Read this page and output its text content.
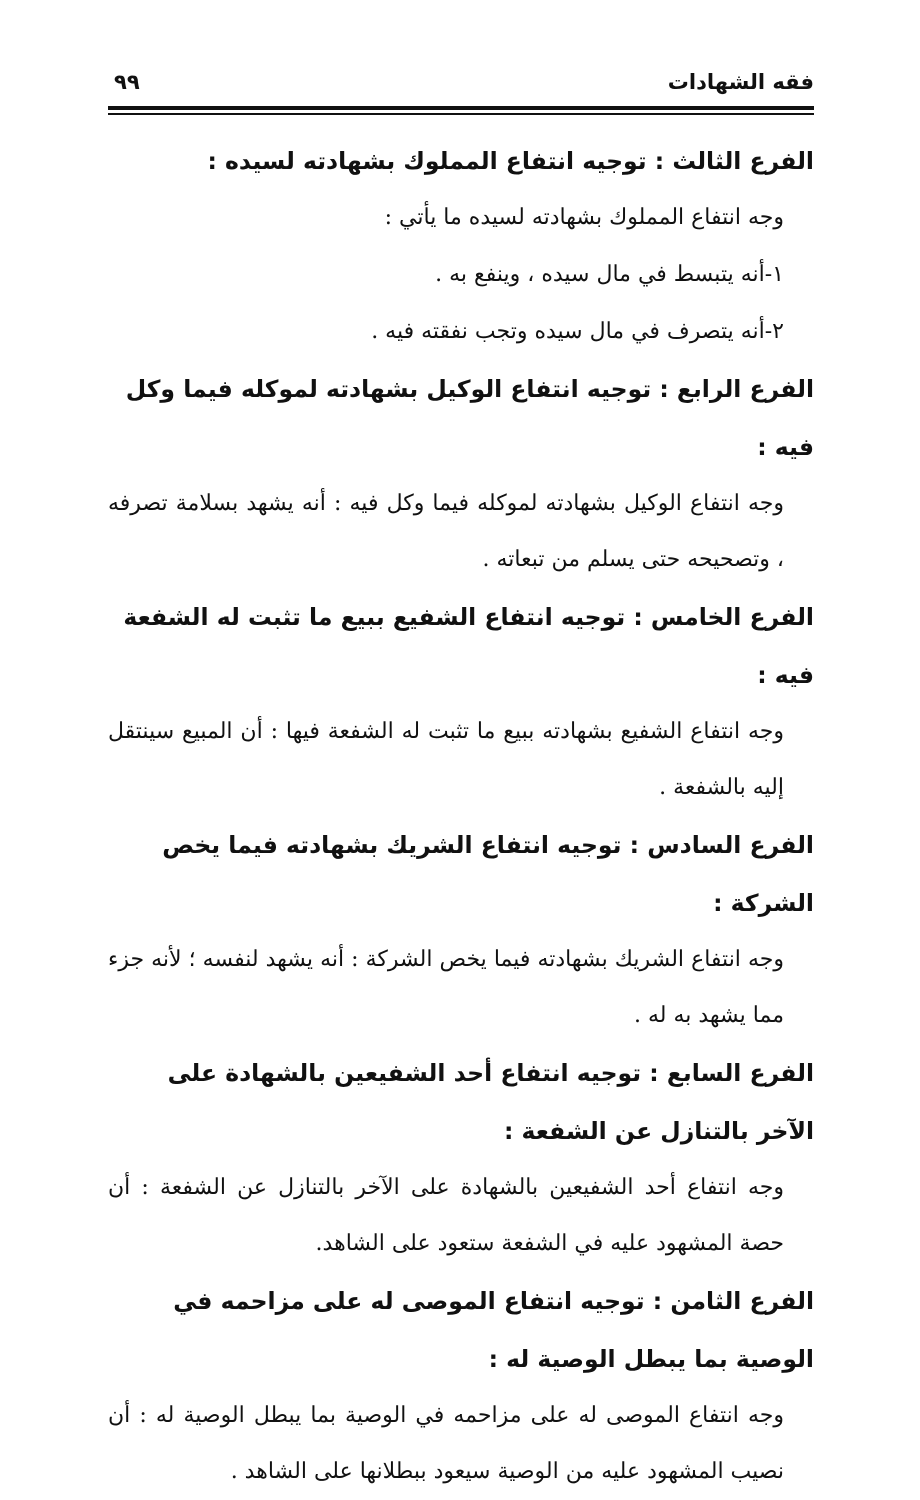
فقه الشهادات
٩٩

الفرع الثالث : توجيه انتفاع المملوك بشهادته لسيده :

وجه انتفاع المملوك بشهادته لسيده ما يأتي :

١-أنه يتبسط في مال سيده ، وينفع به .

٢-أنه يتصرف في مال سيده وتجب نفقته فيه .

الفرع الرابع : توجيه انتفاع الوكيل بشهادته لموكله فيما وكل فيه :

وجه انتفاع الوكيل بشهادته لموكله فيما وكل فيه : أنه يشهد بسلامة تصرفه ، وتصحيحه حتى يسلم من تبعاته .

الفرع الخامس : توجيه انتفاع الشفيع ببيع ما تثبت له الشفعة فيه :

وجه انتفاع الشفيع بشهادته ببيع ما تثبت له الشفعة فيها : أن المبيع سينتقل إليه بالشفعة .

الفرع السادس : توجيه انتفاع الشريك بشهادته فيما يخص الشركة :

وجه انتفاع الشريك بشهادته فيما يخص الشركة : أنه يشهد لنفسه ؛ لأنه جزء مما يشهد به له .

الفرع السابع : توجيه انتفاع أحد الشفيعين بالشهادة على الآخر بالتنازل عن الشفعة :

وجه انتفاع أحد الشفيعين بالشهادة على الآخر بالتنازل عن الشفعة : أن حصة المشهود عليه في الشفعة ستعود على الشاهد.

الفرع الثامن : توجيه انتفاع الموصى له على مزاحمه في الوصية بما يبطل الوصية له :

وجه انتفاع الموصى له على مزاحمه في الوصية بما يبطل الوصية له : أن نصيب المشهود عليه من الوصية سيعود ببطلانها على الشاهد .
